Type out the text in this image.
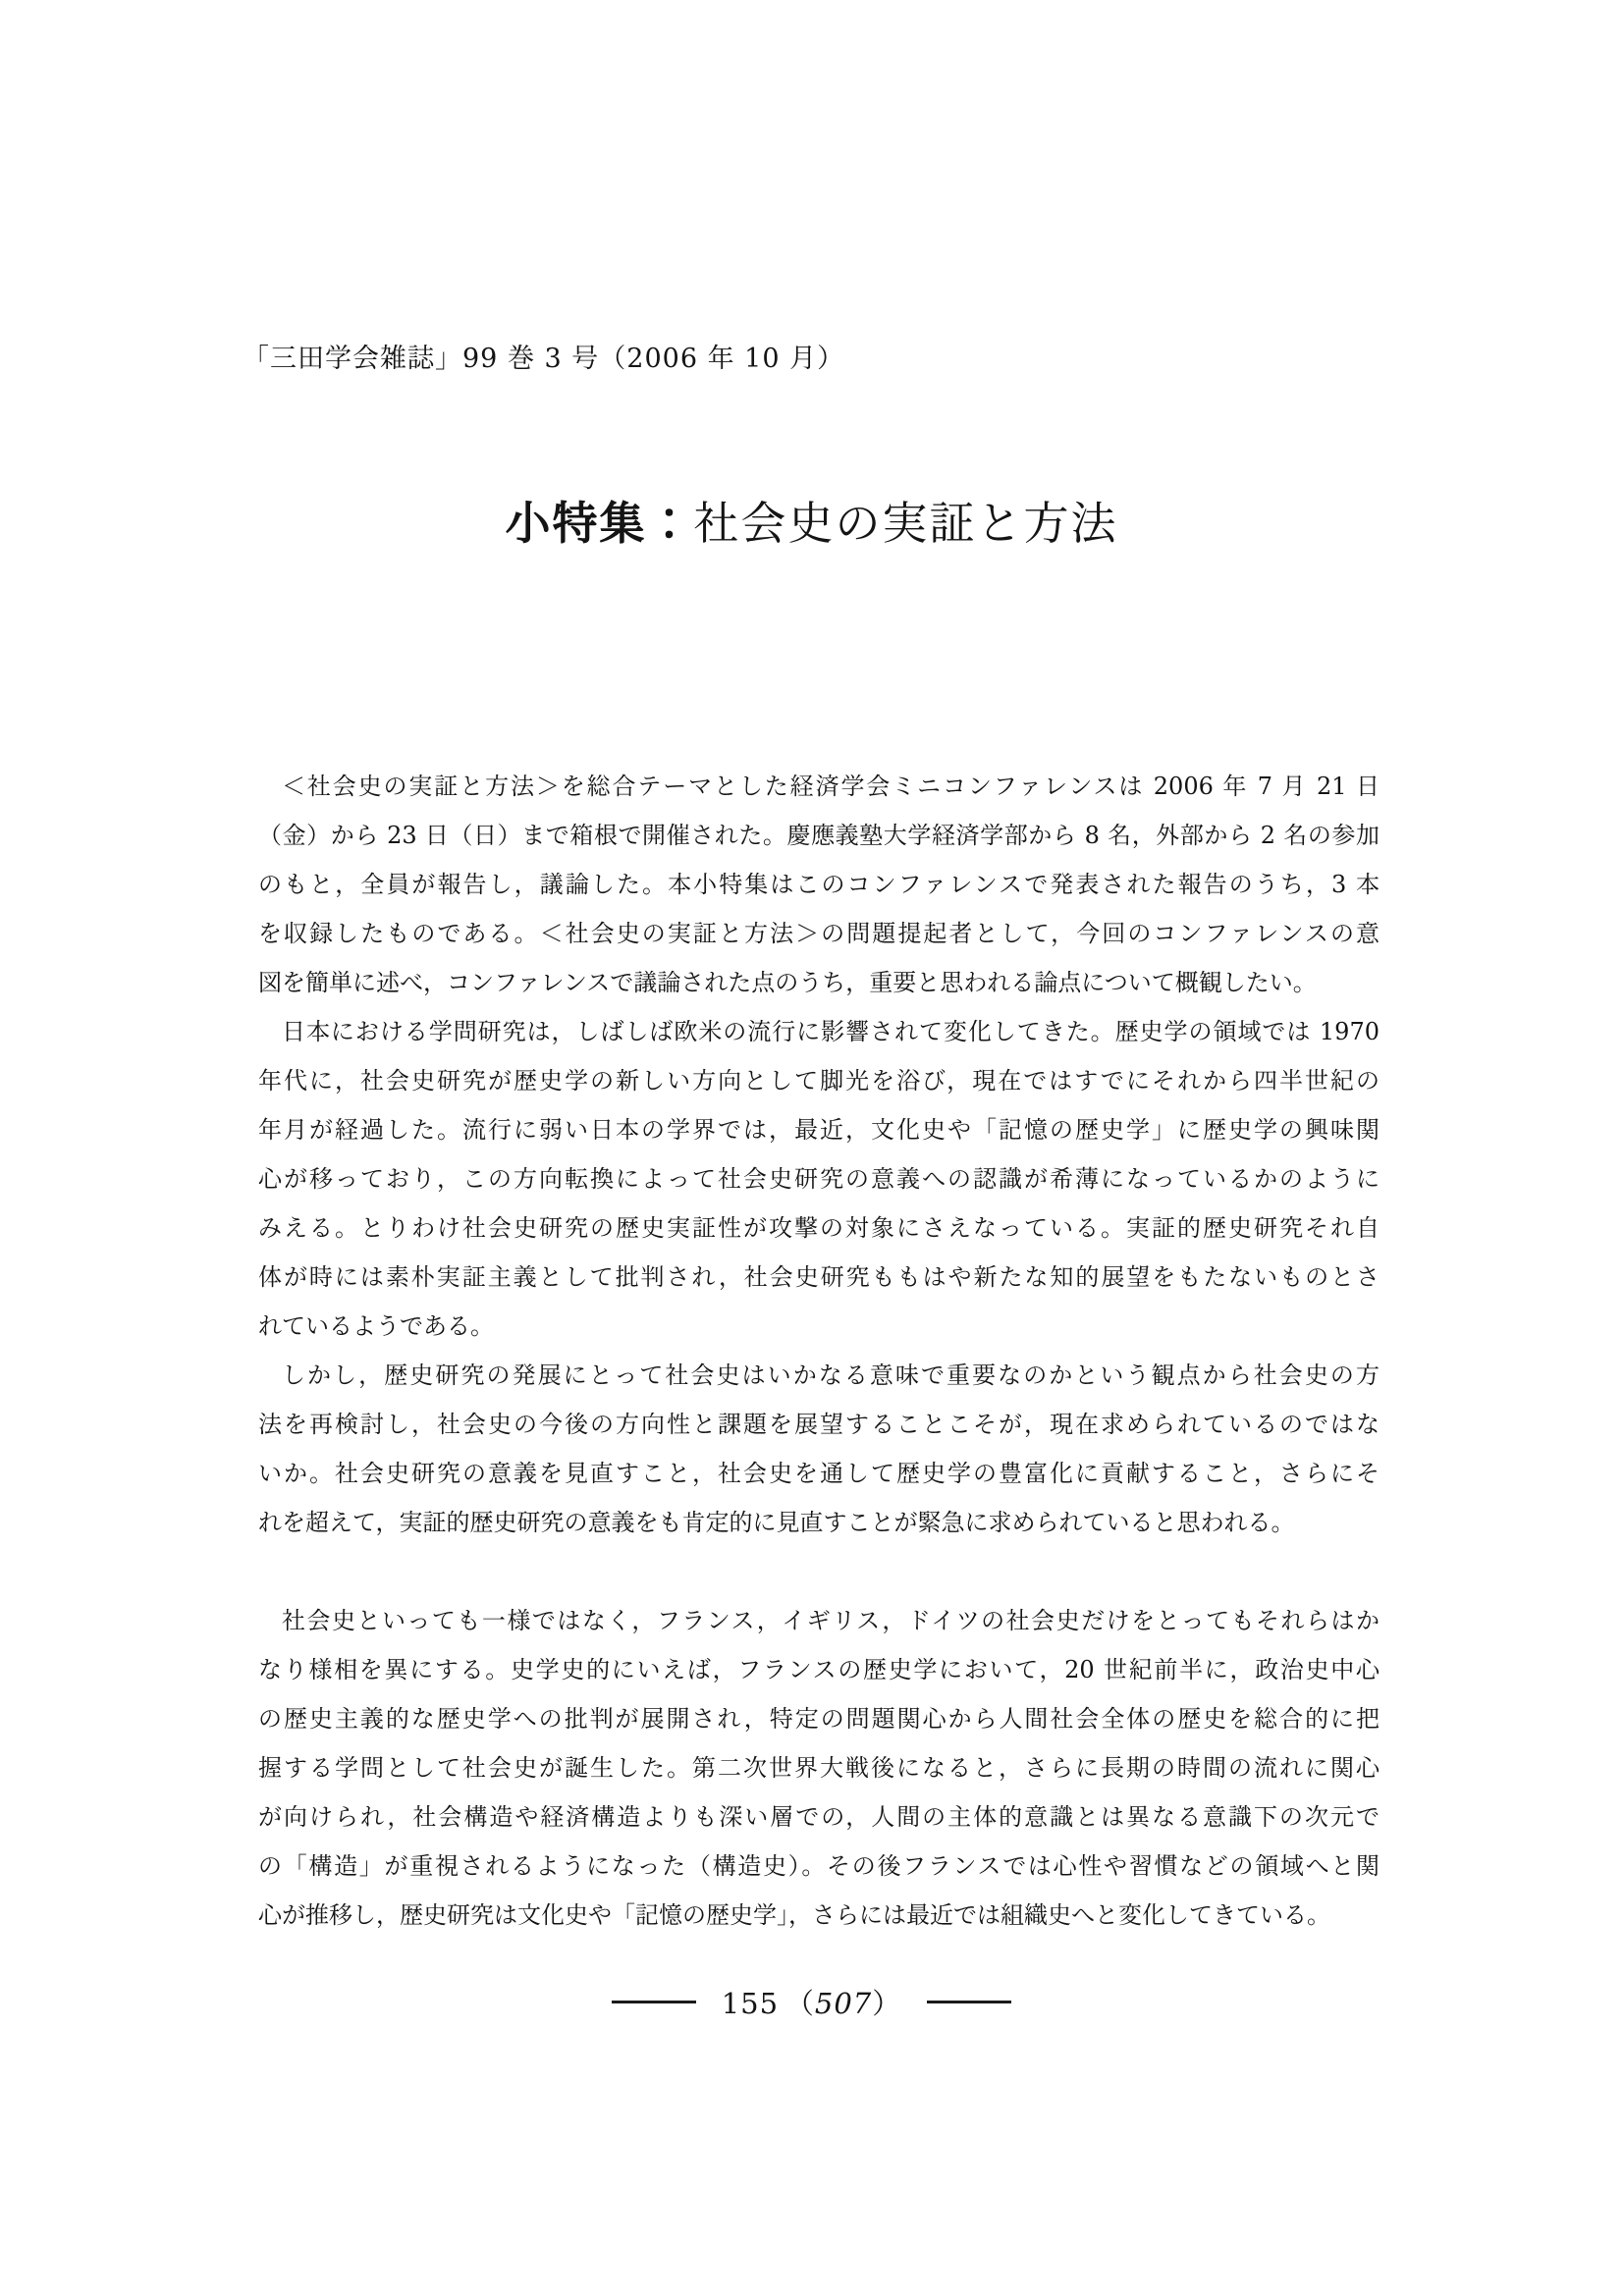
「三田学会雑誌」99 巻 3 号（2006 年 10 月）
小特集：社会史の実証と方法
＜社会史の実証と方法＞を総合テーマとした経済学会ミニコンファレンスは 2006 年 7 月 21 日
（金）から 23 日（日）まで箱根で開催された。慶應義塾大学経済学部から 8 名，外部から 2 名の参加
のもと，全員が報告し，議論した。本小特集はこのコンファレンスで発表された報告のうち，3 本
を収録したものである。＜社会史の実証と方法＞の問題提起者として，今回のコンファレンスの意
図を簡単に述べ，コンファレンスで議論された点のうち，重要と思われる論点について概観したい。
日本における学問研究は，しばしば欧米の流行に影響されて変化してきた。歴史学の領域では 1970
年代に，社会史研究が歴史学の新しい方向として脚光を浴び，現在ではすでにそれから四半世紀の
年月が経過した。流行に弱い日本の学界では，最近，文化史や「記憶の歴史学」に歴史学の興味関
心が移っており，この方向転換によって社会史研究の意義への認識が希薄になっているかのように
みえる。とりわけ社会史研究の歴史実証性が攻撃の対象にさえなっている。実証的歴史研究それ自
体が時には素朴実証主義として批判され，社会史研究ももはや新たな知的展望をもたないものとさ
れているようである。
しかし，歴史研究の発展にとって社会史はいかなる意味で重要なのかという観点から社会史の方
法を再検討し，社会史の今後の方向性と課題を展望することこそが，現在求められているのではな
いか。社会史研究の意義を見直すこと，社会史を通して歴史学の豊富化に貢献すること，さらにそ
れを超えて，実証的歴史研究の意義をも肯定的に見直すことが緊急に求められていると思われる。
社会史といっても一様ではなく，フランス，イギリス，ドイツの社会史だけをとってもそれらはか
なり様相を異にする。史学史的にいえば，フランスの歴史学において，20 世紀前半に，政治史中心
の歴史主義的な歴史学への批判が展開され，特定の問題関心から人間社会全体の歴史を総合的に把
握する学問として社会史が誕生した。第二次世界大戦後になると，さらに長期の時間の流れに関心
が向けられ，社会構造や経済構造よりも深い層での，人間の主体的意識とは異なる意識下の次元で
の「構造」が重視されるようになった（構造史）。その後フランスでは心性や習慣などの領域へと関
心が推移し，歴史研究は文化史や「記憶の歴史学」，さらには最近では組織史へと変化してきている。
155  （507）
